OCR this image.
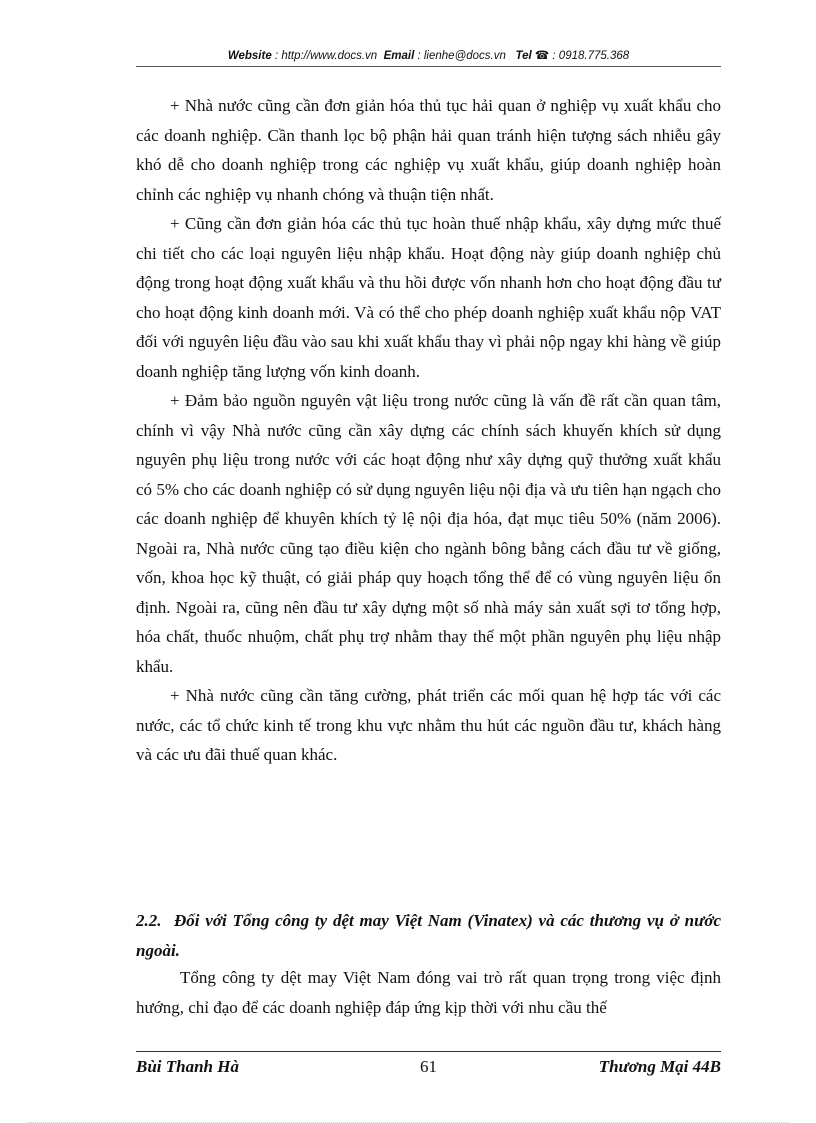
Website : http://www.docs.vn Email : lienhe@docs.vn Tel ☎ : 0918.775.368

+ Nhà nước cũng cần đơn giản hóa thủ tục hải quan ở nghiệp vụ xuất khẩu cho các doanh nghiệp. Cần thanh lọc bộ phận hải quan tránh hiện tượng sách nhiễu gây khó dễ cho doanh nghiệp trong các nghiệp vụ xuất khẩu, giúp doanh nghiệp hoàn chỉnh các nghiệp vụ nhanh chóng và thuận tiện nhất.

+ Cũng cần đơn giản hóa các thủ tục hoàn thuế nhập khẩu, xây dựng mức thuế chi tiết cho các loại nguyên liệu nhập khẩu. Hoạt động này giúp doanh nghiệp chủ động trong hoạt động xuất khẩu và thu hồi được vốn nhanh hơn cho hoạt động đầu tư cho hoạt động kinh doanh mới. Và có thể cho phép doanh nghiệp xuất khẩu nộp VAT đối với nguyên liệu đầu vào sau khi xuất khẩu thay vì phải nộp ngay khi hàng về giúp doanh nghiệp tăng lượng vốn kinh doanh.

+ Đảm bảo nguồn nguyên vật liệu trong nước cũng là vấn đề rất cần quan tâm, chính vì vậy Nhà nước cũng cần xây dựng các chính sách khuyến khích sử dụng nguyên phụ liệu trong nước với các hoạt động như xây dựng quỹ thưởng xuất khẩu có 5% cho các doanh nghiệp có sử dụng nguyên liệu nội địa và ưu tiên hạn ngạch cho các doanh nghiệp để khuyên khích tỷ lệ nội địa hóa, đạt mục tiêu 50% (năm 2006). Ngoài ra, Nhà nước cũng tạo điều kiện cho ngành bông bằng cách đầu tư về giống, vốn, khoa học kỹ thuật, có giải pháp quy hoạch tổng thể để có vùng nguyên liệu ổn định. Ngoài ra, cũng nên đầu tư xây dựng một số nhà máy sản xuất sợi tơ tổng hợp, hóa chất, thuốc nhuộm, chất phụ trợ nhằm thay thế một phần nguyên phụ liệu nhập khẩu.

+ Nhà nước cũng cần tăng cường, phát triển các mối quan hệ hợp tác với các nước, các tổ chức kinh tế trong khu vực nhằm thu hút các nguồn đầu tư, khách hàng và các ưu đãi thuế quan khác.

2.2. Đối với Tổng công ty dệt may Việt Nam (Vinatex) và các thương vụ ở nước ngoài.

Tổng công ty dệt may Việt Nam đóng vai trò rất quan trọng trong việc định hướng, chỉ đạo để các doanh nghiệp đáp ứng kịp thời với nhu cầu thế

Bùi Thanh Hà	61	Thương Mại 44B
